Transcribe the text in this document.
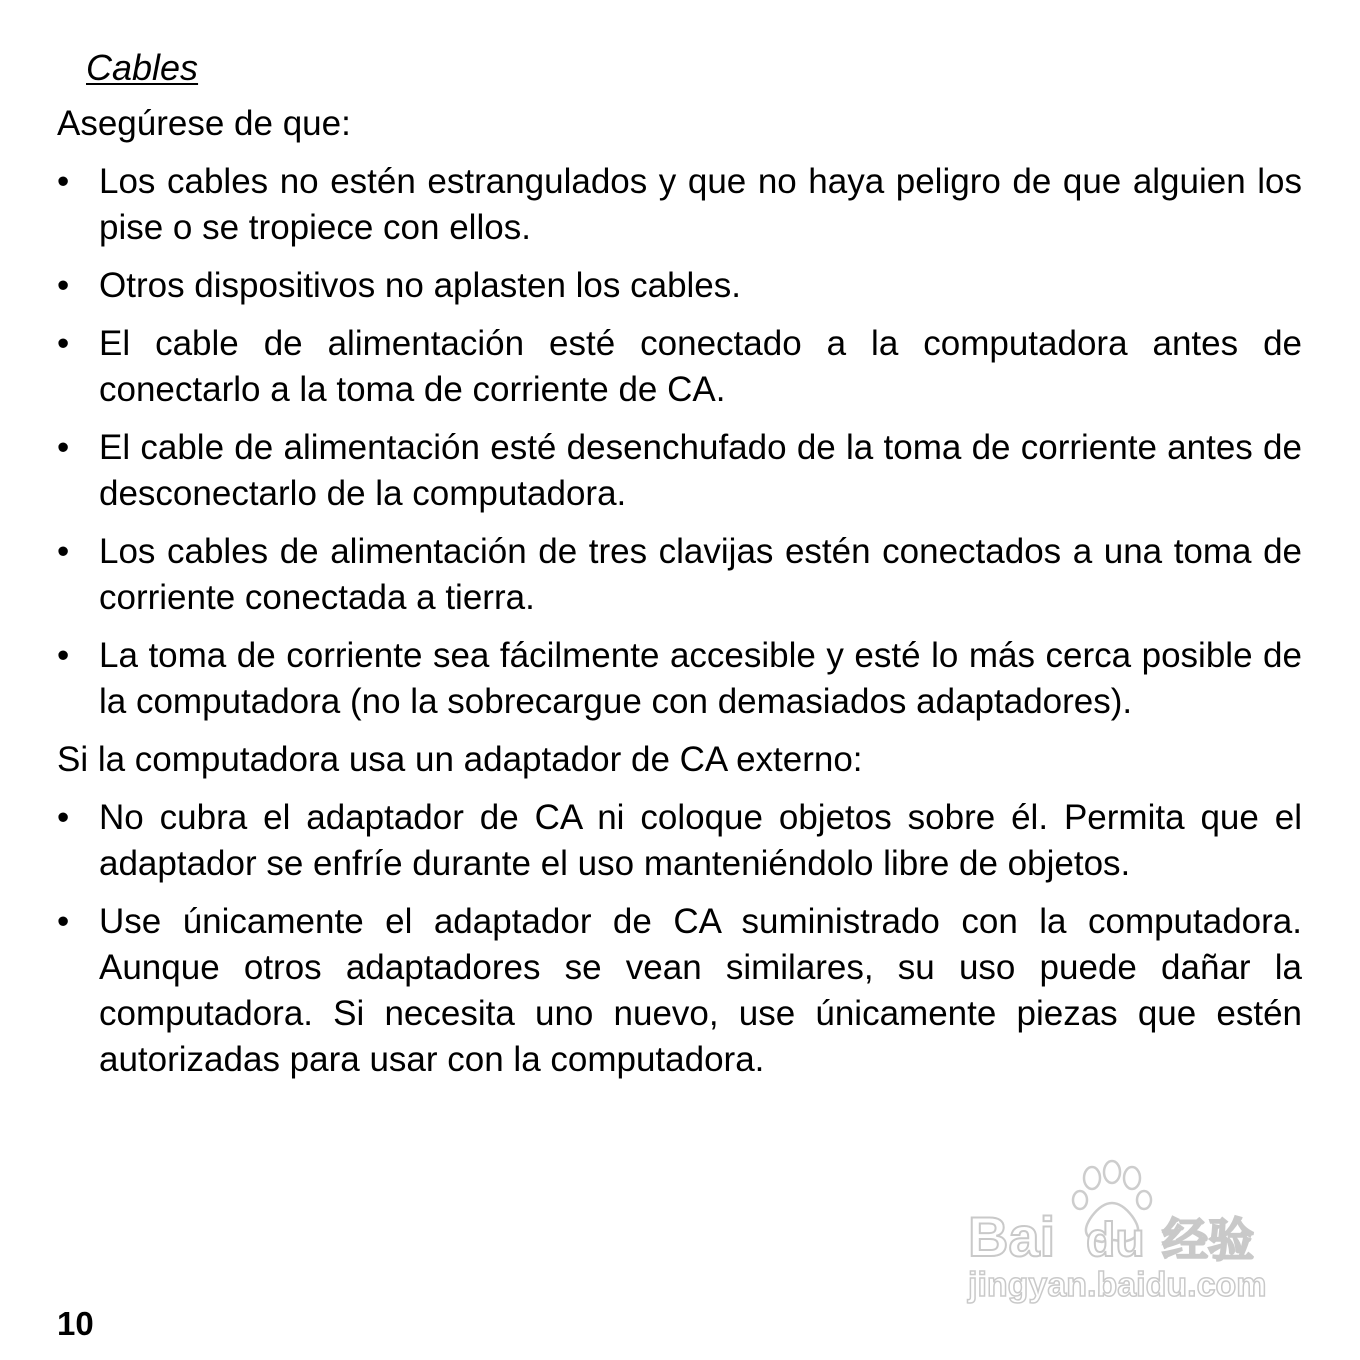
Cables

Asegúrese de que:

• Los cables no estén estrangulados y que no haya peligro de que alguien los pise o se tropiece con ellos.
• Otros dispositivos no aplasten los cables.
• El cable de alimentación esté conectado a la computadora antes de conectarlo a la toma de corriente de CA.
• El cable de alimentación esté desenchufado de la toma de corriente antes de desconectarlo de la computadora.
• Los cables de alimentación de tres clavijas estén conectados a una toma de corriente conectada a tierra.
• La toma de corriente sea fácilmente accesible y esté lo más cerca posible de la computadora (no la sobrecargue con demasiados adaptadores).

Si la computadora usa un adaptador de CA externo:

• No cubra el adaptador de CA ni coloque objetos sobre él. Permita que el adaptador se enfríe durante el uso manteniéndolo libre de objetos.
• Use únicamente el adaptador de CA suministrado con la computadora. Aunque otros adaptadores se vean similares, su uso puede dañar la computadora. Si necesita uno nuevo, use únicamente piezas que estén autorizadas para usar con la computadora.
Bai du 经验
jingyan.baidu.com
10
